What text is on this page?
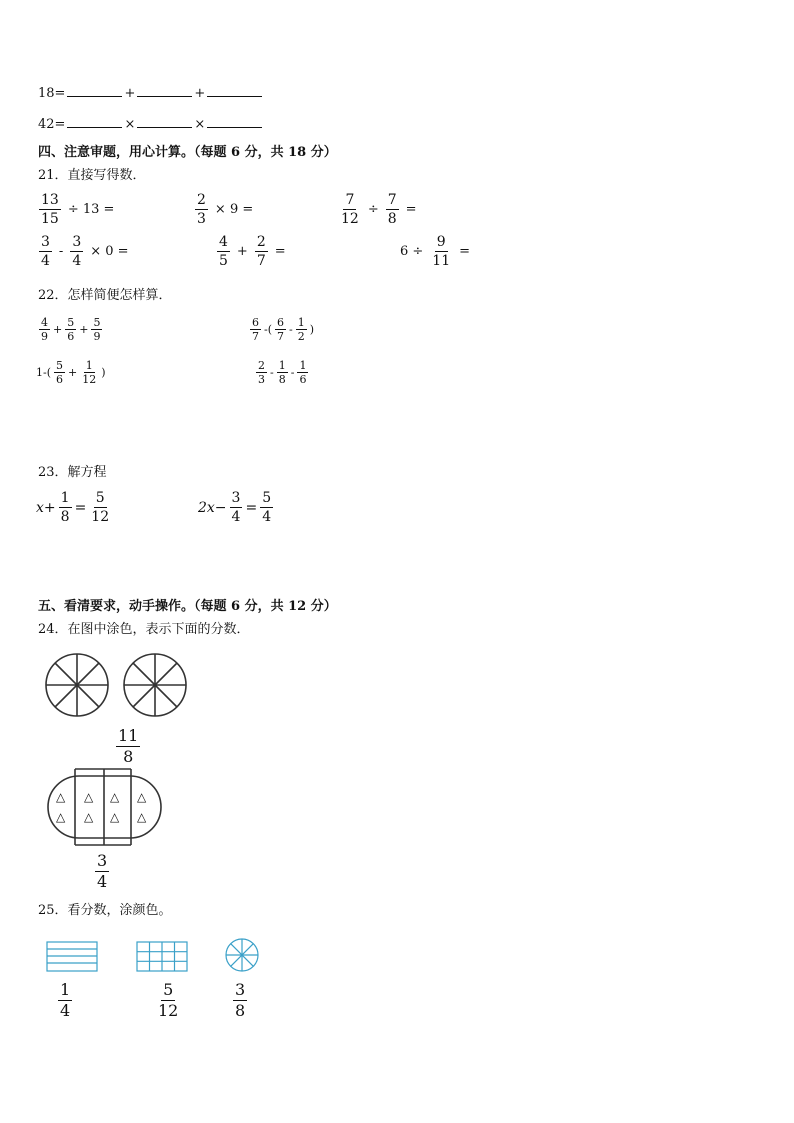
18=	+	+
42=	×	×
四、注意审题，用心计算。（每题 6 分，共 18 分）
21．直接写得数．
$\frac{13}{15} \div 13$ =	$\frac{2}{3} \times 9$ =	$\frac{7}{12} \div \frac{7}{8}$ =
$\frac{3}{4} - \frac{3}{4} \times 0$ =	$\frac{4}{5} + \frac{2}{7}$ =	$6 \div \frac{9}{11}$ =
22．怎样简便怎样算．
$\frac{4}{9} + \frac{5}{6} + \frac{5}{9}$	$\frac{6}{7}$ -( $\frac{6}{7} - \frac{1}{2}$ )
$1-( \frac{5}{6} + \frac{1}{12}$ )	$\frac{2}{3} - \frac{1}{8} - \frac{1}{6}$
23．解方程
$x+ \frac{1}{8} = \frac{5}{12}$	$2x- \frac{3}{4} = \frac{5}{4}$
五、看清要求，动手操作。（每题 6 分，共 12 分）
24．在图中涂色，表示下面的分数．
△
△
△
△
△
△
△
△
$\frac{11}{8}$
$\frac{3}{4}$
25．看分数，涂颜色。
$\frac{1}{4}$	$\frac{5}{12}$	$\frac{3}{8}$
